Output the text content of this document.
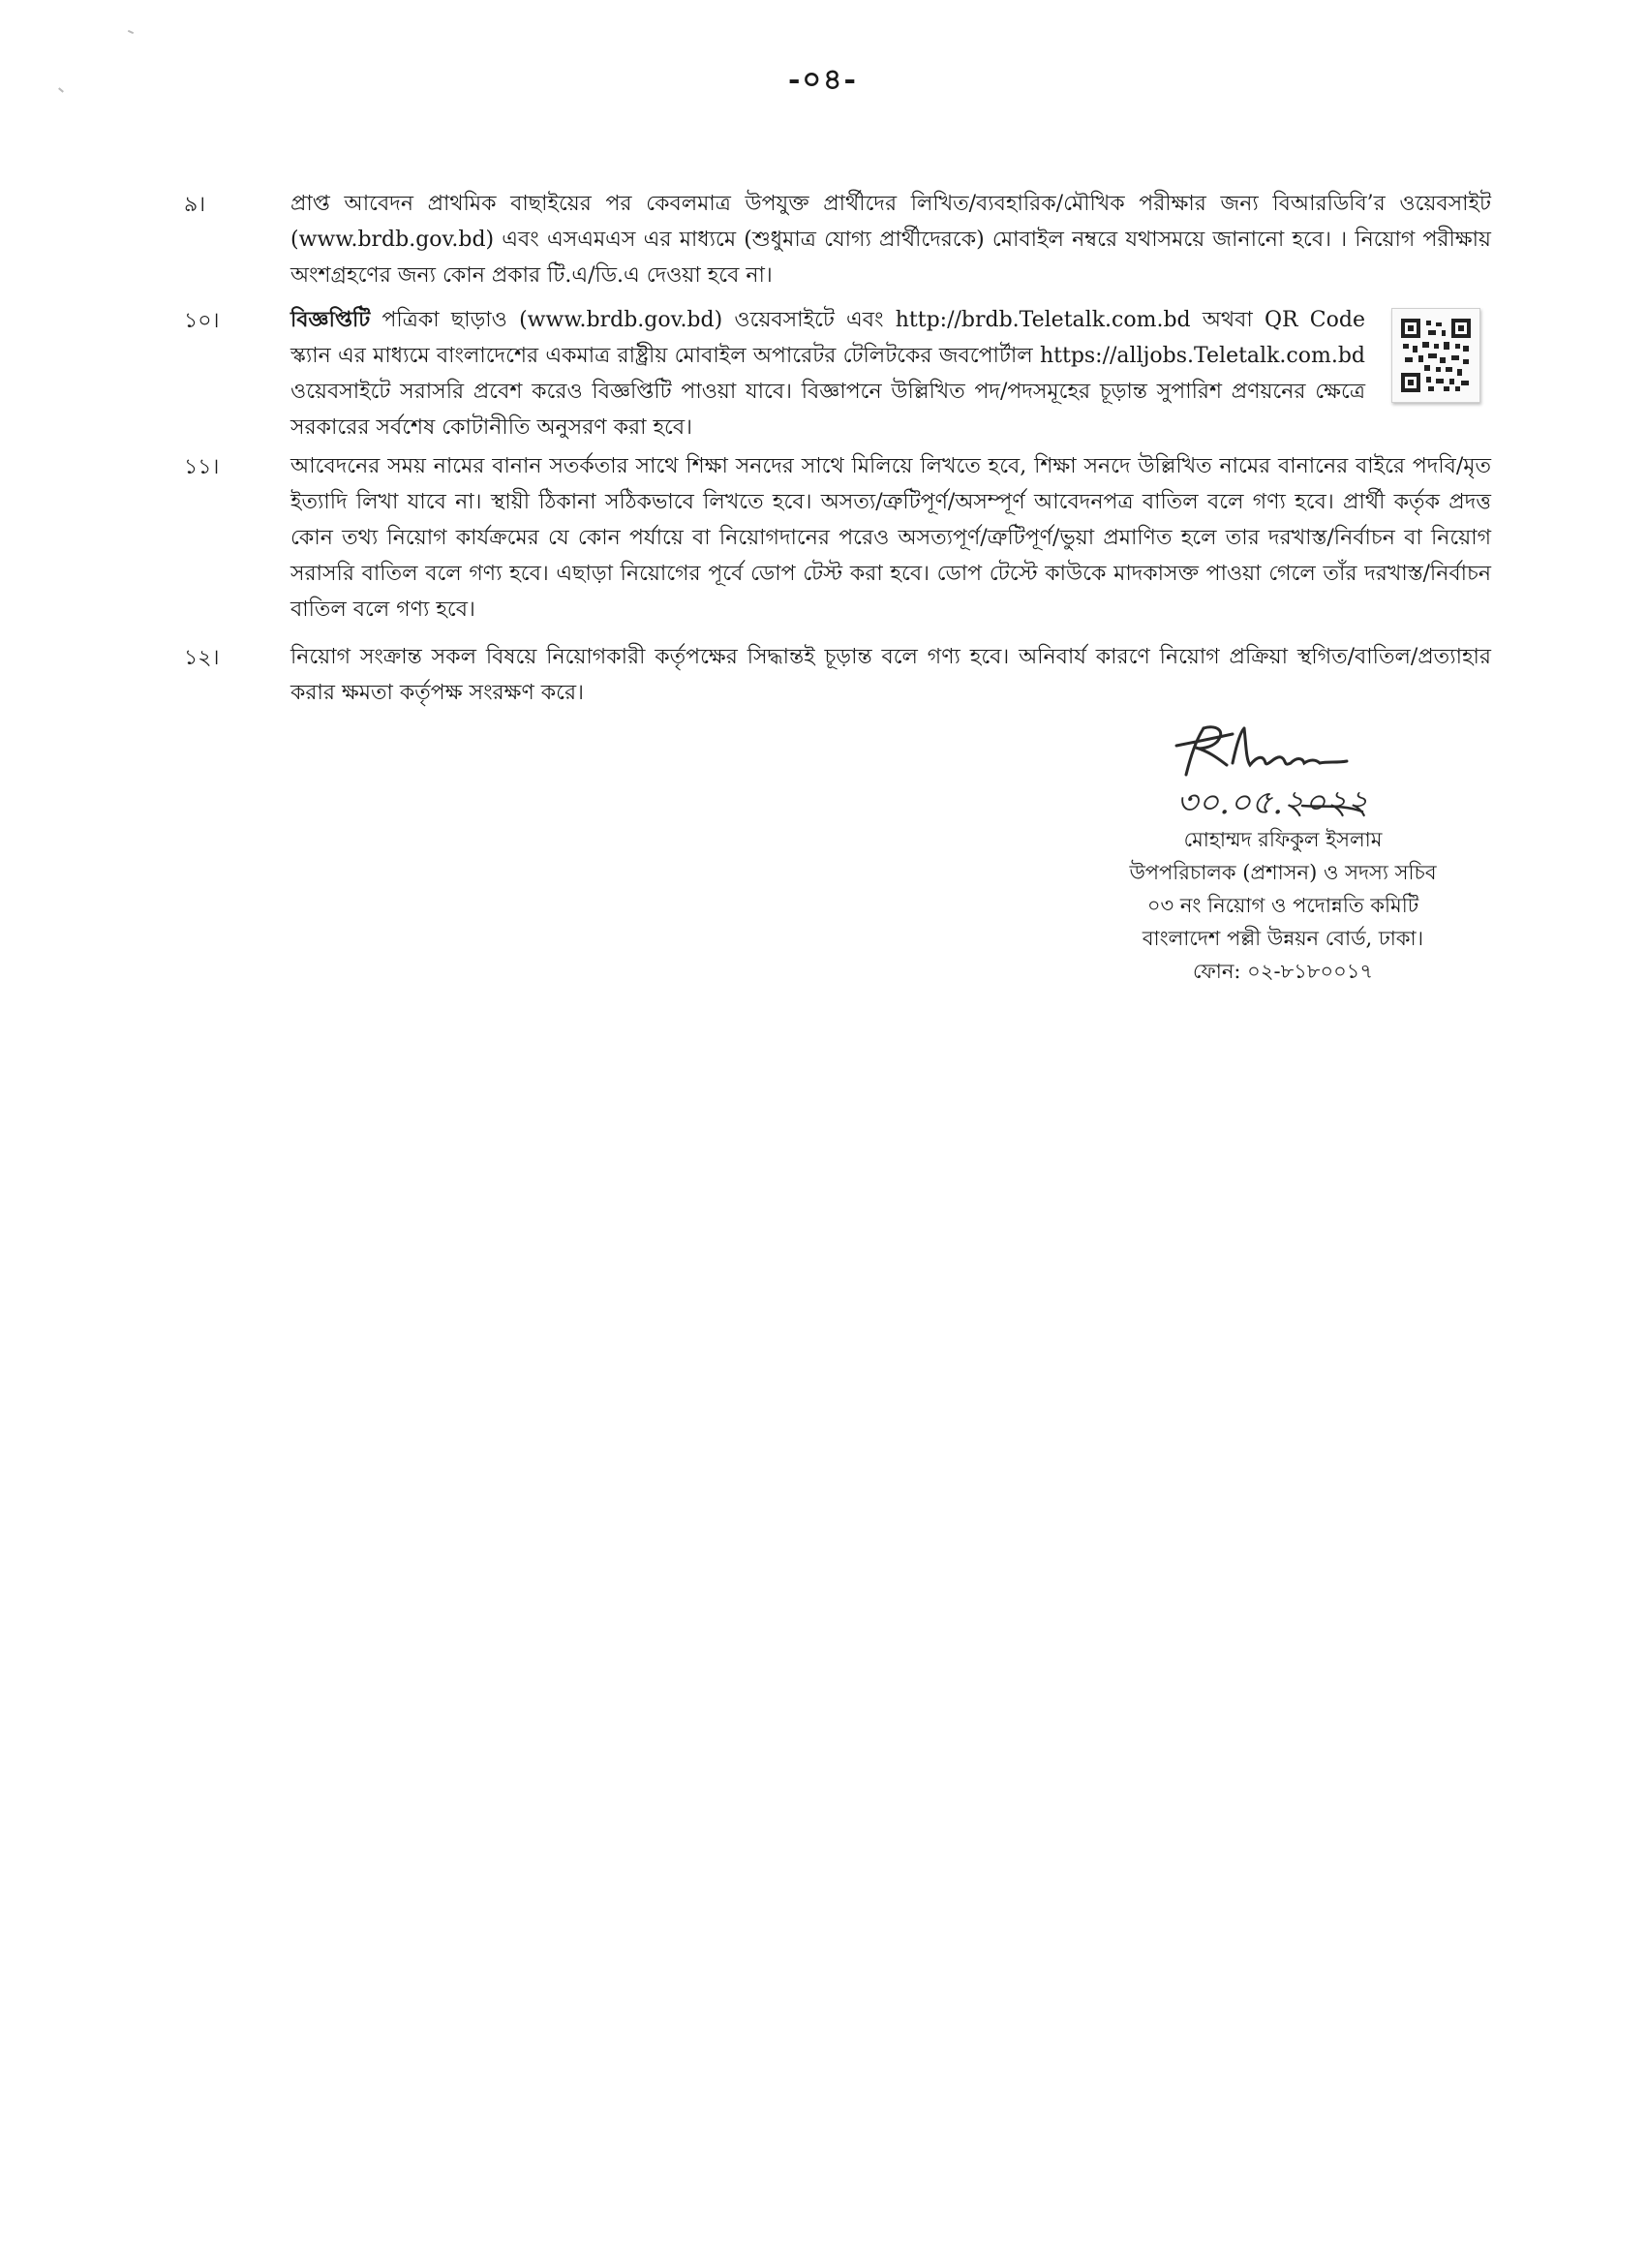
-০৪-
৯।	প্রাপ্ত আবেদন প্রাথমিক বাছাইয়ের পর কেবলমাত্র উপযুক্ত প্রার্থীদের লিখিত/ব্যবহারিক/মৌখিক পরীক্ষার জন্য বিআরডিবি’র ওয়েবসাইট (www.brdb.gov.bd) এবং এসএমএস এর মাধ্যমে (শুধুমাত্র যোগ্য প্রার্থীদেরকে) মোবাইল নম্বরে যথাসময়ে জানানো হবে। । নিয়োগ পরীক্ষায় অংশগ্রহণের জন্য কোন প্রকার টি.এ/ডি.এ দেওয়া হবে না।
১০।	বিজ্ঞপ্তিটি পত্রিকা ছাড়াও (www.brdb.gov.bd) ওয়েবসাইটে এবং http://brdb.Teletalk.com.bd অথবা QR Code স্ক্যান এর মাধ্যমে বাংলাদেশের একমাত্র রাষ্ট্রীয় মোবাইল অপারেটর টেলিটকের জবপোর্টাল https://alljobs.Teletalk.com.bd ওয়েবসাইটে সরাসরি প্রবেশ করেও বিজ্ঞপ্তিটি পাওয়া যাবে। বিজ্ঞাপনে উল্লিখিত পদ/পদসমূহের চূড়ান্ত সুপারিশ প্রণয়নের ক্ষেত্রে সরকারের সর্বশেষ কোটানীতি অনুসরণ করা হবে।
১১।	আবেদনের সময় নামের বানান সতর্কতার সাথে শিক্ষা সনদের সাথে মিলিয়ে লিখতে হবে, শিক্ষা সনদে উল্লিখিত নামের বানানের বাইরে পদবি/মৃত ইত্যাদি লিখা যাবে না। স্থায়ী ঠিকানা সঠিকভাবে লিখতে হবে। অসত্য/ত্রুটিপূর্ণ/অসম্পূর্ণ আবেদনপত্র বাতিল বলে গণ্য হবে। প্রার্থী কর্তৃক প্রদত্ত কোন তথ্য নিয়োগ কার্যক্রমের যে কোন পর্যায়ে বা নিয়োগদানের পরেও অসত্যপূর্ণ/ত্রুটিপূর্ণ/ভুয়া প্রমাণিত হলে তার দরখাস্ত/নির্বাচন বা নিয়োগ সরাসরি বাতিল বলে গণ্য হবে। এছাড়া নিয়োগের পূর্বে ডোপ টেস্ট করা হবে। ডোপ টেস্টে কাউকে মাদকাসক্ত পাওয়া গেলে তাঁর দরখাস্ত/নির্বাচন বাতিল বলে গণ্য হবে।
১২।	নিয়োগ সংক্রান্ত সকল বিষয়ে নিয়োগকারী কর্তৃপক্ষের সিদ্ধান্তই চূড়ান্ত বলে গণ্য হবে। অনিবার্য কারণে নিয়োগ প্রক্রিয়া স্থগিত/বাতিল/প্রত্যাহার করার ক্ষমতা কর্তৃপক্ষ সংরক্ষণ করে।
৩০.০৫.২০২২
মোহাম্মদ রফিকুল ইসলাম
উপপরিচালক (প্রশাসন) ও সদস্য সচিব
০৩ নং নিয়োগ ও পদোন্নতি কমিটি
বাংলাদেশ পল্লী উন্নয়ন বোর্ড, ঢাকা।
ফোন: ০২-৮১৮০০১৭
